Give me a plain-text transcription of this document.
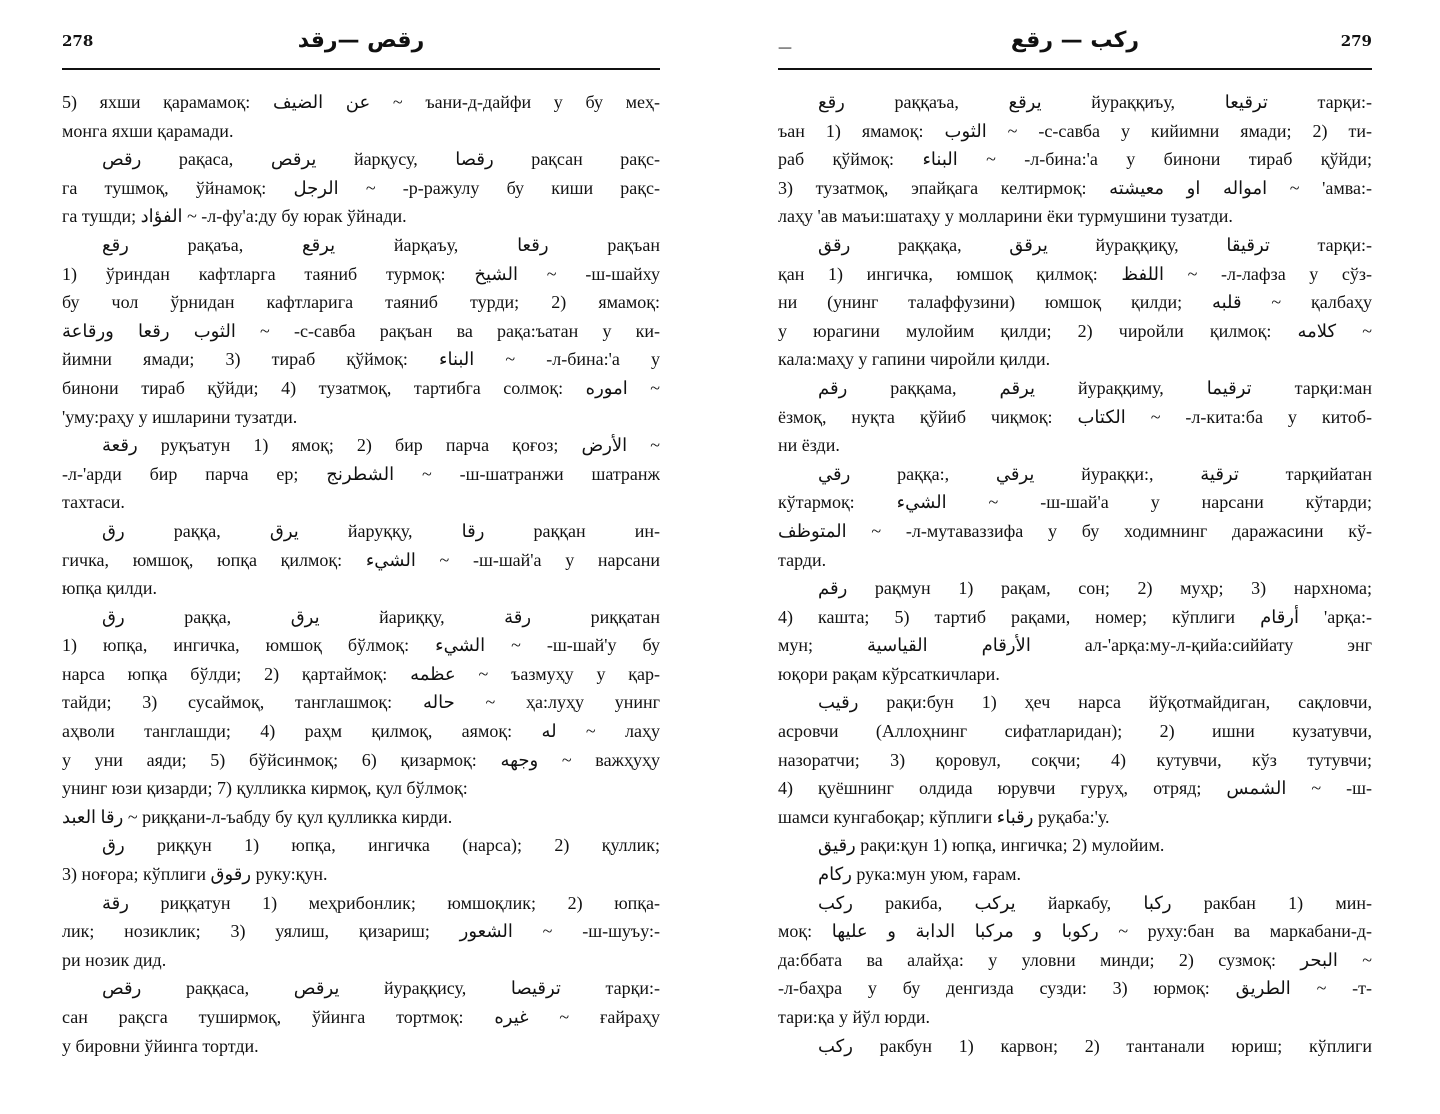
278	رقص —رقد
5) яхши қарамамоқ: عن الضيف ~ ъани-д-дайфи у бу меҳ-
монга яхши қарамади.
رقص рақаса, يرقص йарқусу, رقصا рақсан рақс-
га тушмоқ, ўйнамоқ: الرجل ~ -р-ражулу бу киши рақс-
га тушди; الفؤاد ~ -л-фу'а:ду бу юрак ўйнади.
رقع рақаъа, يرقع йарқаъу, رقعا рақъан
1) ўриндан кафтларга таяниб турмоқ: الشيخ ~ -ш-шайху
бу чол ўрнидан кафтларига таяниб турди; 2) ямамоқ:
الثوب رقعا ورقاعة ~ -с-савба рақъан ва рақа:ъатан у ки-
йимни ямади; 3) тираб қўймоқ: البناء ~ -л-бина:'а у
бинони тираб қўйди; 4) тузатмоқ, тартибга солмоқ: اموره ~
'уму:раҳу у ишларини тузатди.
رقعة руқъатун 1) ямоқ; 2) бир парча қоғоз; الأرض ~
-л-'арди бир парча ер; الشطرنج ~ -ш-шатранжи шатранж
тахтаси.
رق раққа, يرق йаруққу, رقا раққан ин-
гичка, юмшоқ, юпқа қилмоқ: الشيء ~ -ш-шай'а у нарсани
юпқа қилди.
رق раққа, يرق йариққу, رقة риққатан
1) юпқа, ингичка, юмшоқ бўлмоқ: الشيء ~ -ш-шай'у бу
нарса юпқа бўлди; 2) қартаймоқ: عظمه ~ ъазмуҳу у қар-
тайди; 3) сусаймоқ, танглашмоқ: حاله ~ ҳа:луҳу унинг
аҳволи танглашди; 4) раҳм қилмоқ, аямоқ: له ~ лаҳу
у уни аяди; 5) бўйсинмоқ; 6) қизармоқ: وجهه ~ важҳуҳу
унинг юзи қизарди; 7) қулликка кирмоқ, қул бўлмоқ:
رقا العبد ~ риққани-л-ъабду бу қул қулликка кирди.
رق риққун 1) юпқа, ингичка (нарса); 2) қуллик;
3) ноғора; кўплиги رقوق руку:қун.
رقة риққатун 1) меҳрибонлик; юмшоқлик; 2) юпқа-
лик; нозиклик; 3) уялиш, қизариш; الشعور ~ -ш-шуъу:-
ри нозик дид.
رقص раққаса, يرقص йураққису, ترقيصا тарқи:-
сан рақсга туширмоқ, ўйинга тортмоқ: غيره ~ ғайраҳу
у бировни ўйинга тортди.
—	رکب — رقع	279
رقع раққаъа, يرقع йураққиъу, ترقيعا тарқи:-
ъан 1) ямамоқ: الثوب ~ -с-савба у кийимни ямади; 2) ти-
раб қўймоқ: البناء ~ -л-бина:'а у бинони тираб қўйди;
3) тузатмоқ, эпайқага келтирмоқ: امواله او معيشته ~ 'амва:-
лаҳу 'ав маъи:шатаҳу у молларини ёки турмушини тузатди.
رقق раққақа, يرقق йураққиқу, ترقيقا тарқи:-
қан 1) ингичка, юмшоқ қилмоқ: اللفظ ~ -л-лафза у сўз-
ни (унинг талаффузини) юмшоқ қилди; قلبه ~ қалбаҳу
у юрагини мулойим қилди; 2) чиройли қилмоқ: كلامه ~
кала:маҳу у гапини чиройли қилди.
رقم раққама, يرقم йураққиму, ترقيما тарқи:ман
ёзмоқ, нуқта қўйиб чиқмоқ: الكتاب ~ -л-кита:ба у китоб-
ни ёзди.
رقي раққа:, يرقي йураққи:, ترقية тарқийатан
кўтармоқ: الشيء ~ -ш-шай'а у нарсани кўтарди;
المتوظف ~ -л-мутаваззифа у бу ходимнинг даражасини кў-
тарди.
رقم рақмун 1) рақам, сон; 2) муҳр; 3) нархнома;
4) кашта; 5) тартиб рақами, номер; кўплиги أرقام 'арқа:-
мун; الأرقام القياسية ал-'арқа:му-л-қийа:сиййату энг
юқори рақам кўрсаткичлари.
رقيب рақи:бун 1) ҳеч нарса йўқотмайдиган, сақловчи,
асровчи (Аллоҳнинг сифатларидан); 2) ишни кузатувчи,
назоратчи; 3) қоровул, соқчи; 4) кутувчи, кўз тутувчи;
4) қуёшнинг олдида юрувчи гуруҳ, отряд; الشمس ~ -ш-
шамси кунгабоқар; кўплиги رقباء руқаба:'у.
رقيق рақи:қун 1) юпқа, ингичка; 2) мулойим.
ركام рука:мун уюм, ғарам.
ركب ракиба, يركب йаркабу, ركبا ракбан 1) мин-
моқ: ركوبا و مركبا الدابة و عليها ~ руху:бан ва маркабани-д-
да:ббата ва алайҳа: у уловни минди; 2) сузмоқ: البحر ~
-л-баҳра у бу денгизда сузди: 3) юрмоқ: الطريق ~ -т-
тари:қа у йўл юрди.
ركب ракбун 1) карвон; 2) тантанали юриш; кўплиги
